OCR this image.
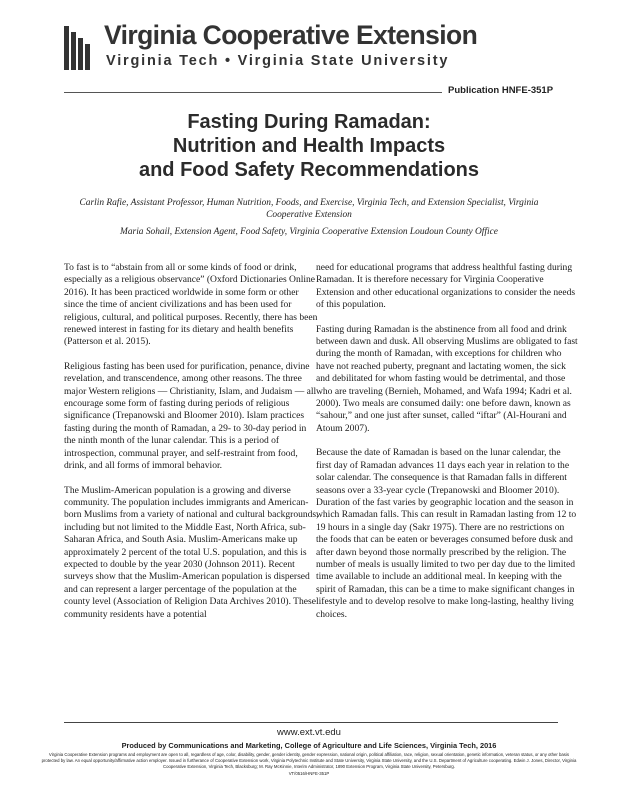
Virginia Cooperative Extension
Virginia Tech • Virginia State University
Publication HNFE-351P
Fasting During Ramadan:
Nutrition and Health Impacts
and Food Safety Recommendations

Carlin Rafie, Assistant Professor, Human Nutrition, Foods, and Exercise, Virginia Tech, and Extension Specialist, Virginia Cooperative Extension

Maria Sohail, Extension Agent, Food Safety, Virginia Cooperative Extension Loudoun County Office

To fast is to “abstain from all or some kinds of food or drink, especially as a religious observance” (Oxford Dictionaries Online 2016). It has been practiced worldwide in some form or other since the time of ancient civilizations and has been used for religious, cultural, and political purposes. Recently, there has been renewed interest in fasting for its dietary and health benefits (Patterson et al. 2015).

Religious fasting has been used for purification, penance, divine revelation, and transcendence, among other reasons. The three major Western religions — Christianity, Islam, and Judaism — all encourage some form of fasting during periods of religious significance (Trepanowski and Bloomer 2010). Islam practices fasting during the month of Ramadan, a 29- to 30-day period in the ninth month of the lunar calendar. This is a period of introspection, communal prayer, and self-restraint from food, drink, and all forms of immoral behavior.

The Muslim-American population is a growing and diverse community. The population includes immigrants and American-born Muslims from a variety of national and cultural backgrounds, including but not limited to the Middle East, North Africa, sub-Saharan Africa, and South Asia. Muslim-Americans make up approximately 2 percent of the total U.S. population, and this is expected to double by the year 2030 (Johnson 2011). Recent surveys show that the Muslim-American population is dispersed and can represent a larger percentage of the population at the county level (Association of Religion Data Archives 2010). These community residents have a potential

need for educational programs that address healthful fasting during Ramadan. It is therefore necessary for Virginia Cooperative Extension and other educational organizations to consider the needs of this population.

Fasting during Ramadan is the abstinence from all food and drink between dawn and dusk. All observing Muslims are obligated to fast during the month of Ramadan, with exceptions for children who have not reached puberty, pregnant and lactating women, the sick and debilitated for whom fasting would be detrimental, and those who are traveling (Bernieh, Mohamed, and Wafa 1994; Kadri et al. 2000). Two meals are consumed daily: one before dawn, known as “sahour,” and one just after sunset, called “iftar” (Al-Hourani and Atoum 2007).

Because the date of Ramadan is based on the lunar calendar, the first day of Ramadan advances 11 days each year in relation to the solar calendar. The consequence is that Ramadan falls in different seasons over a 33-year cycle (Trepanowski and Bloomer 2010). Duration of the fast varies by geographic location and the season in which Ramadan falls. This can result in Ramadan lasting from 12 to 19 hours in a single day (Sakr 1975). There are no restrictions on the foods that can be eaten or beverages consumed before dusk and after dawn beyond those normally prescribed by the religion. The number of meals is usually limited to two per day due to the limited time available to include an additional meal. In keeping with the spirit of Ramadan, this can be a time to make significant changes in lifestyle and to develop resolve to make long-lasting, healthy living choices.

www.ext.vt.edu

Produced by Communications and Marketing, College of Agriculture and Life Sciences, Virginia Tech, 2016

Virginia Cooperative Extension programs and employment are open to all, regardless of age, color, disability, gender, gender identity, gender expression, national origin, political affiliation, race, religion, sexual orientation, genetic information, veteran status, or any other basis protected by law. An equal opportunity/affirmative action employer. Issued in furtherance of Cooperative Extension work, Virginia Polytechnic Institute and State University, Virginia State University, and the U.S. Department of Agriculture cooperating. Edwin J. Jones, Director, Virginia Cooperative Extension, Virginia Tech, Blacksburg; M. Ray McKinnie, Interim Administrator, 1890 Extension Program, Virginia State University, Petersburg.

VT/0516/HNFE-351P
